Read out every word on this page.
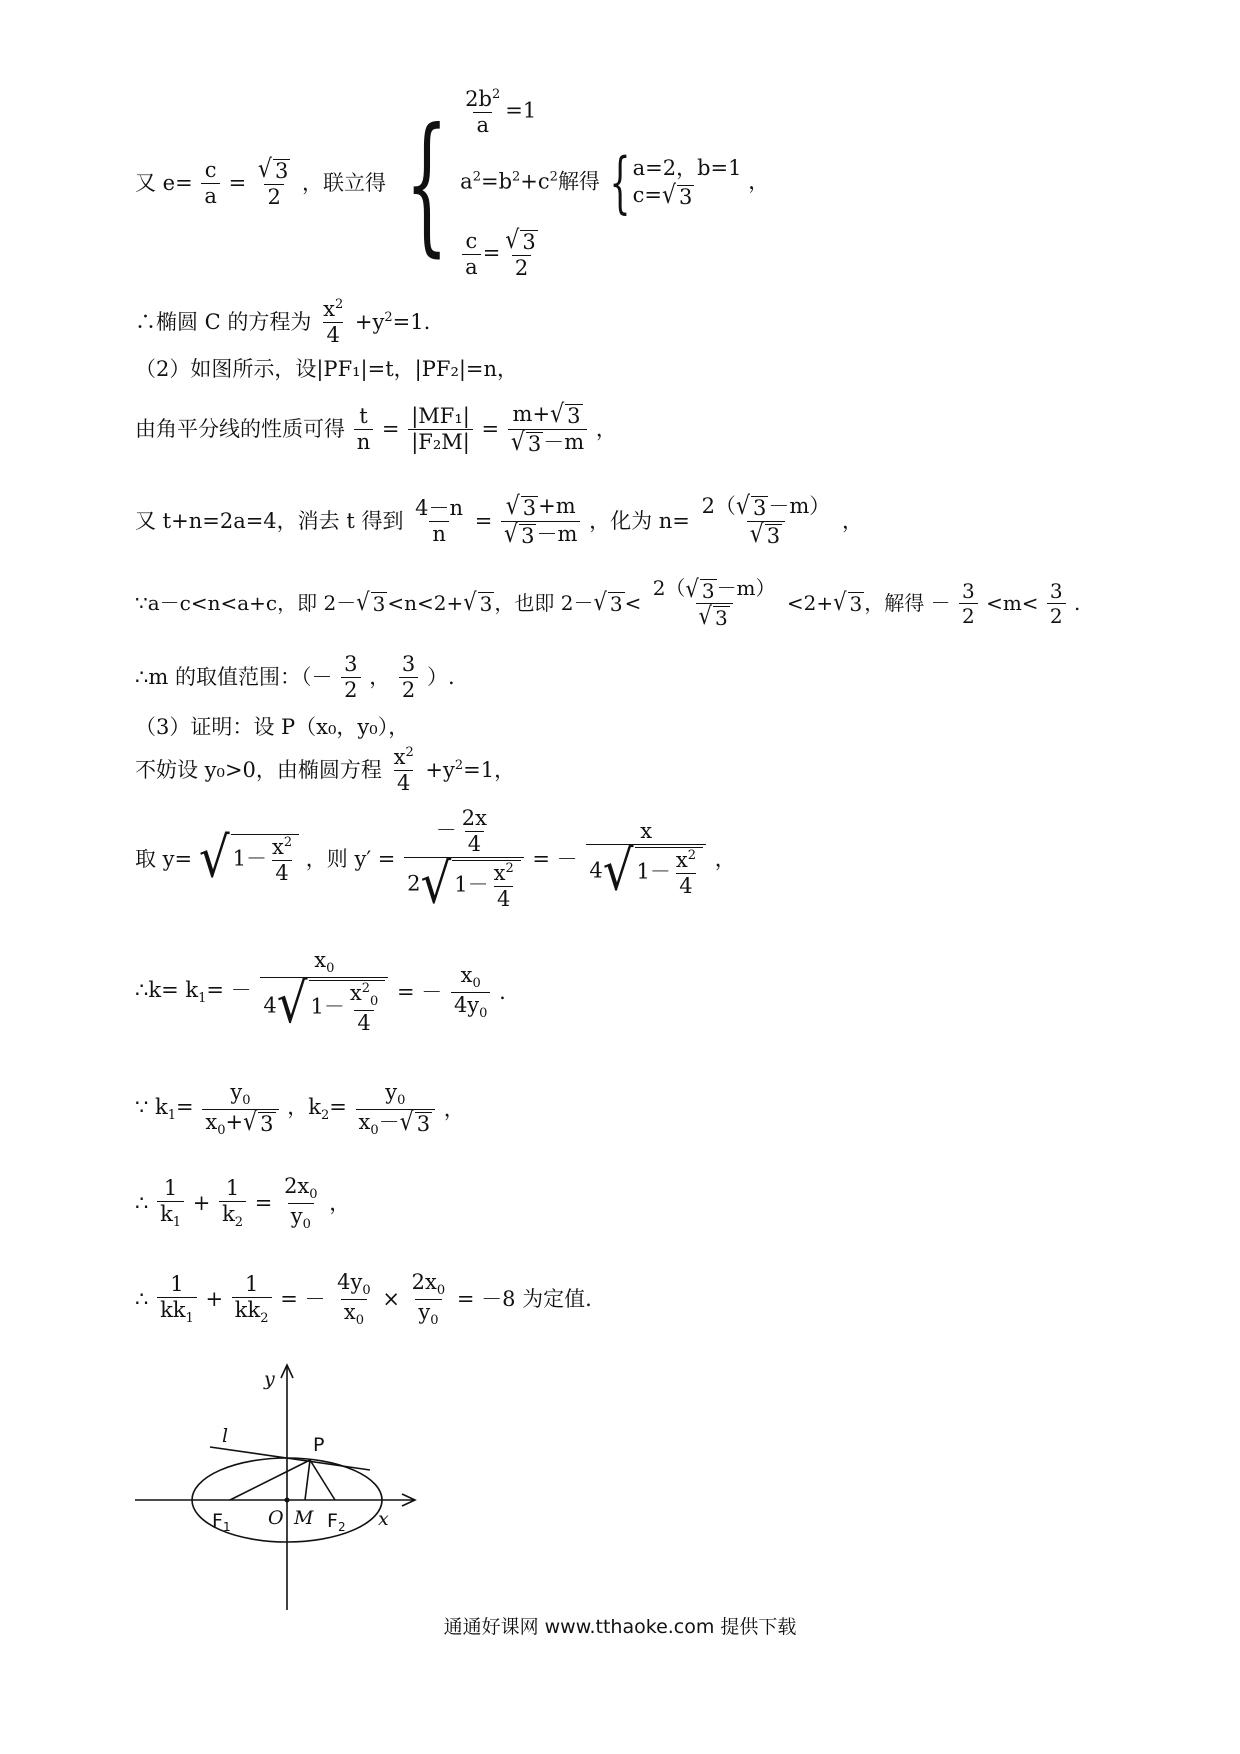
又 $e= \frac{c}{a} = \frac{√ 3}{2}$ ，联立得 { $\frac{2b^2}{a} =1$
$a^2=b^2+c^2$解得 { a=2，b=1
c= √ 3
，
$\frac{c}{a} = \frac{√ 3}{2}$
∴椭圆 C 的方程为 $\frac{x^2}{4} +y^2=1$.
（2）如图所示，设|PF₁|=t，|PF₂|=n，
由角平分线的性质可得 $\frac{t}{n} = \frac{\text{|MF₁|}}{\text{|F₂M|}} = \frac{m+ √ 3}{√ 3 -m}$ ，
又 t+n=2a=4，消去 t 得到 $\frac{4-n}{n} = \frac{√ 3 +m}{√ 3 -m}$ ，化为 $n= \frac{2( √ 3 -m)}{√ 3}$ ，
∵a－c<n<a+c，即 2－ √ 3 <n<2+ √ 3 ，也即 2－ √ $3 < \frac{2( √ 3 -m)}{√ 3} <2+$ √ 3 ，解得 － $\frac{3}{2} <m< \frac{3}{2}$ .
∴m 的取值范围：（－ $\frac{3}{2}$ ， $\frac{3}{2}$ ）.
（3）证明：设 P（x₀，y₀），
不妨设 y₀>0，由椭圆方程 $\frac{x^2}{4} +y^2=1$，
取 y= √ $1- \frac{x^2}{4}$ ，则 $y' = \frac{- \frac{2x}{4}}{2 √ 1- \frac{x^2}{4}}$ = － $\frac{x}{4 √ 1- \frac{x^2}{4}}$ ，
∴k= $k_1= - \frac{x_0}{4 √ 1- \frac{x^2_0}{4}}$ = － $\frac{x_0}{4y_0}$ .
∵ $k_1= \frac{y_0}{x_0+ √ 3}$ ，$k_2= \frac{y_0}{x_0- √ 3}$ ，
∴ $\frac{1}{k_1} + \frac{1}{k_2} = \frac{2x_0}{y_0}$ ，
∴ $\frac{1}{kk_1} + \frac{1}{kk_2}$ = － $\frac{4y_0}{x_0} \times \frac{2x_0}{y_0} = -8$ 为定值.
y
x
l	P
$F_1$ O M $F_2$
通通好课网 www.tthaoke.com 提供下载
